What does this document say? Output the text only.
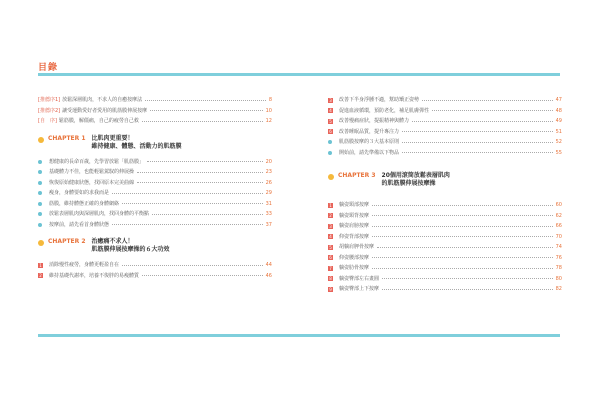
目錄
[推薦序1] 放鬆深層肌肉，不求人的自癒按摩法	8
[推薦序2] 讓受運動愛好者愛用的肌筋膜伸展按摩	10
[自　序] 鬆筋膜，解僵痛，自己的疲勞自己救	12
CHAPTER 1 比肌肉更重要！
維持健康、體態、活動力的肌筋膜
想健康的長命百歲，先學習放鬆「肌筋膜」	20
基礎體力不佳，也能輕鬆駕馭的伸展操	23
恢復原始健康狀態，找回原本完美曲線	26
瘦身，身體要如的求我而是	29
筋膜，維持體態正確的身體網絡	31
放鬆表層肌肉與深層肌肉，找回身體的平衡點	33
按摩前，請先看首身體狀態	37
CHAPTER 2 治癒痛不求人！
肌筋膜伸展按摩操的６大功效
1 消除慢性疲勞，身體更輕盈自在	44
2 維持基礎代謝率，培養不復胖的易瘦體質	46
3 改善下半身浮腫不適，幫助矯正姿勢	47
4 促進血液循環，預防老化，補足肌膚彈性	48
5 改善慢痛症狀，提振精神與體力	49
6 改善睡眠品質，提升專注力	51
肌筋膜按摩的３大基本原則	52
開始前，請先準備以下物品	55
CHAPTER 3 20個用滾筒放鬆表層肌肉
的肌筋膜伸展按摩操
1 躺姿頸部按摩	60
2 躺姿頸背按摩	62
3 躺姿肩膀按摩	66
4 仰姿背部按摩	70
5 胡躺肩胛骨按摩	74
6 仰姿腰部按摩	76
7 躺姿肋骨按摩	78
8 躺姿臀部左右畫圓	80
9 躺姿臀部上下按摩	82
